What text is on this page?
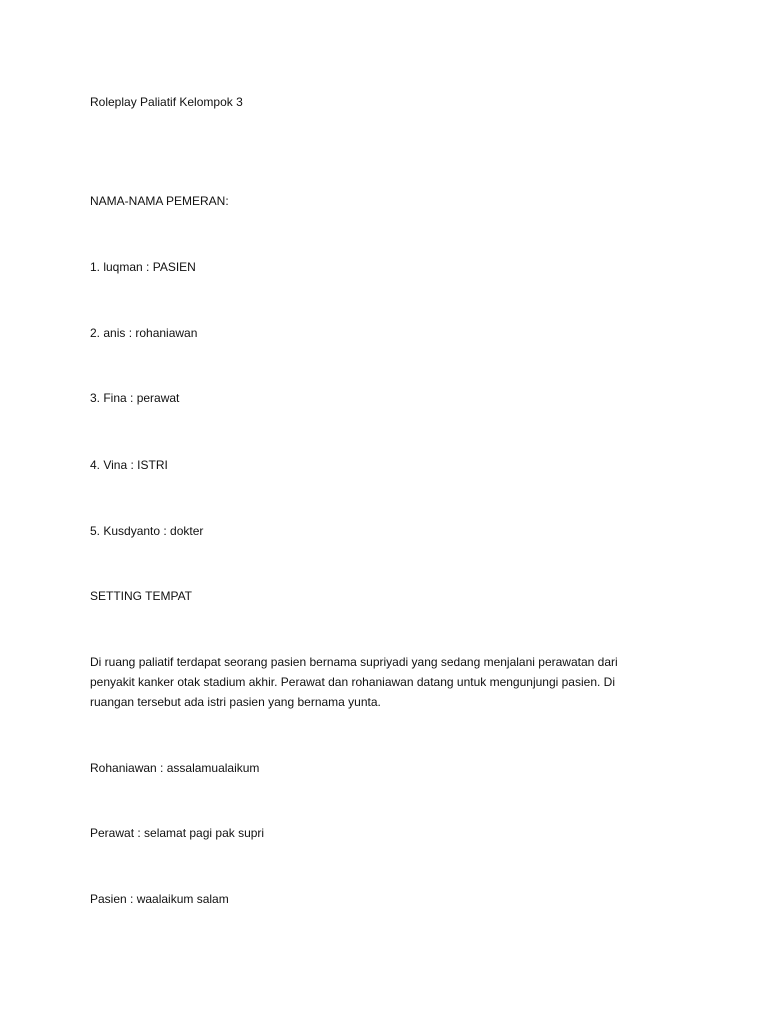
Roleplay Paliatif Kelompok 3
NAMA-NAMA PEMERAN:
1. luqman : PASIEN
2. anis : rohaniawan
3. Fina : perawat
4. Vina : ISTRI
5. Kusdyanto : dokter
SETTING TEMPAT
Di ruang paliatif terdapat seorang pasien bernama supriyadi yang sedang menjalani perawatan dari
penyakit kanker otak stadium akhir. Perawat dan rohaniawan datang untuk mengunjungi pasien. Di
ruangan tersebut ada istri pasien yang bernama yunta.
Rohaniawan : assalamualaikum
Perawat : selamat pagi pak supri
Pasien : waalaikum salam
